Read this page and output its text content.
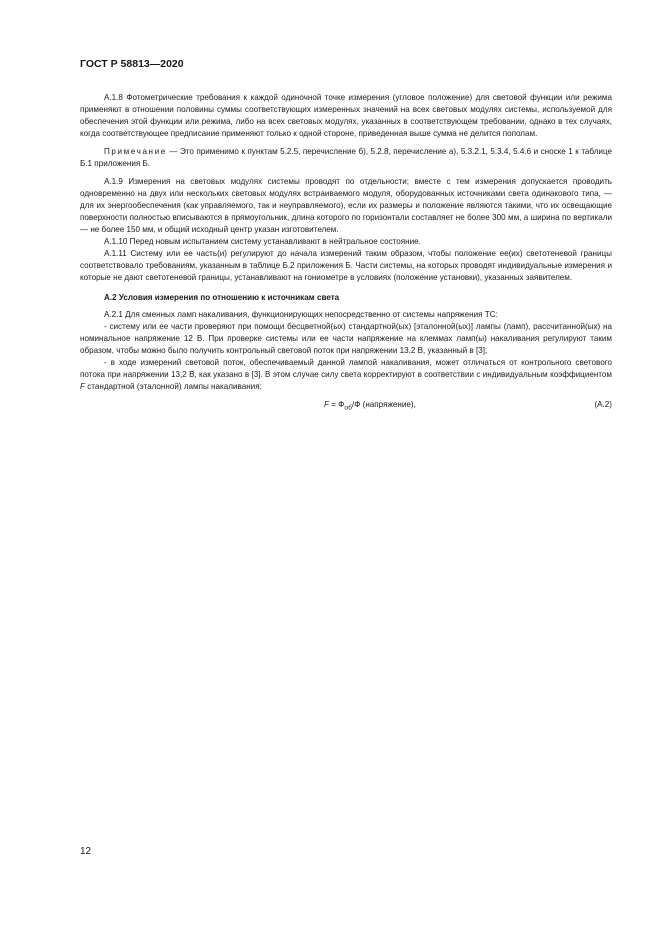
ГОСТ Р 58813—2020

А.1.8 Фотометрические требования к каждой одиночной точке измерения (угловое положение) для световой функции или режима применяют в отношении половины суммы соответствующих измеренных значений на всех световых модулях системы, используемой для обеспечения этой функции или режима, либо на всех световых модулях, указанных в соответствующем требовании, однако в тех случаях, когда соответствующее предписание применяют только к одной стороне, приведенная выше сумма не делится пополам.

Примечание — Это применимо к пунктам 5.2.5, перечисление б), 5.2.8, перечисление а), 5.3.2.1, 5.3.4, 5.4.6 и сноске 1 к таблице Б.1 приложения Б.

А.1.9 Измерения на световых модулях системы проводят по отдельности; вместе с тем измерения допускается проводить одновременно на двух или нескольких световых модулях встраиваемого модуля, оборудованных источниками света одинакового типа, — для их энергообеспечения (как управляемого, так и неуправляемого), если их размеры и положение являются такими, что их освещающие поверхности полностью вписываются в прямоугольник, длина которого по горизонтали составляет не более 300 мм, а ширина по вертикали — не более 150 мм, и общий исходный центр указан изготовителем.

А.1.10 Перед новым испытанием систему устанавливают в нейтральное состояние.

А.1.11 Систему или ее часть(и) регулируют до начала измерений таким образом, чтобы положение ее(их) светотеневой границы соответствовало требованиям, указанным в таблице Б.2 приложения Б. Части системы, на которых проводят индивидуальные измерения и которые не дают светотеневой границы, устанавливают на гониометре в условиях (положение установки), указанных заявителем.

А.2 Условия измерения по отношению к источникам света

А.2.1 Для сменных ламп накаливания, функционирующих непосредственно от системы напряжения ТС:

- систему или ее части проверяют при помощи бесцветной(ых) стандартной(ых) [эталонной(ых)] лампы (ламп), рассчитанной(ых) на номинальное напряжение 12 В. При проверке системы или ее части напряжение на клеммах ламп(ы) накаливания регулируют таким образом, чтобы можно было получить контрольный световой поток при напряжении 13,2 В, указанный в [3];

- в ходе измерений световой поток, обеспечиваемый данной лампой накаливания, может отличаться от контрольного светового потока при напряжении 13,2 В, как указано в [3]. В этом случае силу света корректируют в соответствии с индивидуальным коэффициентом F стандартной (эталонной) лампы накаливания:

$F = Ф_{об}/Ф$ (напряжение),	(А.2)

12
